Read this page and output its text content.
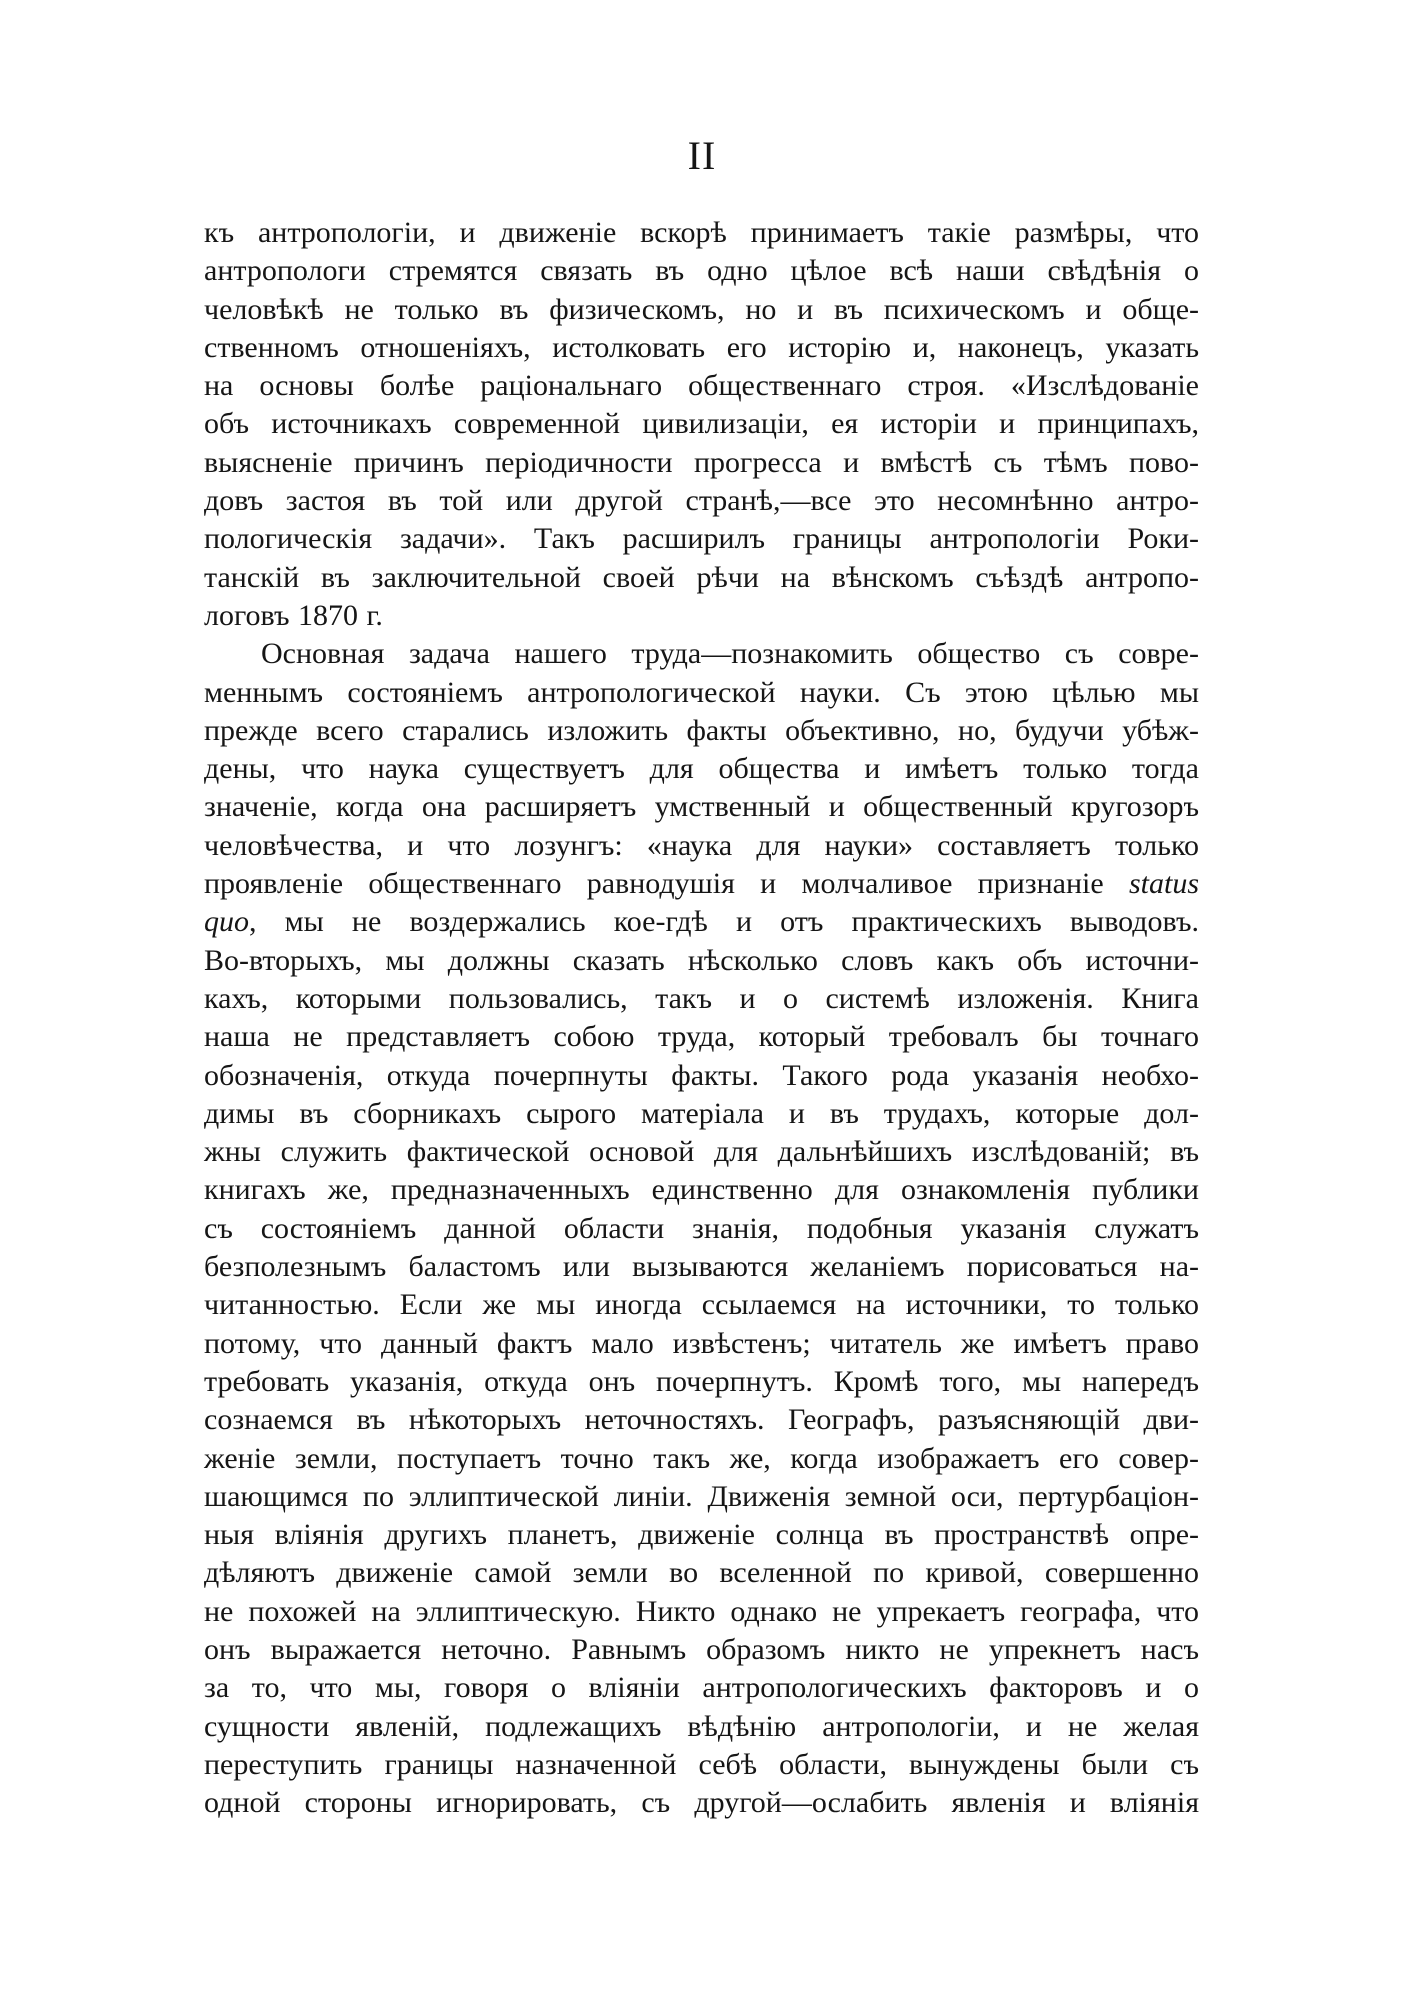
II
къ антропологіи, и движеніе вскорѣ принимаетъ такіе размѣры, что
антропологи стремятся связать въ одно цѣлое всѣ наши свѣдѣнія о
человѣкѣ не только въ физическомъ, но и въ психическомъ и обще-
ственномъ отношеніяхъ, истолковать его исторію и, наконецъ, указать
на основы болѣе раціональнаго общественнаго строя. «Изслѣдованіе
объ источникахъ современной цивилизаціи, ея исторіи и принципахъ,
выясненіе причинъ періодичности прогресса и вмѣстѣ съ тѣмъ пово-
довъ застоя въ той или другой странѣ,—все это несомнѣнно антро-
пологическія задачи». Такъ расширилъ границы антропологіи Роки-
танскій въ заключительной своей рѣчи на вѣнскомъ съѣздѣ антропо-
логовъ 1870 г.
Основная задача нашего труда—познакомить общество съ совре-
меннымъ состояніемъ антропологической науки. Съ этою цѣлью мы
прежде всего старались изложить факты объективно, но, будучи убѣж-
дены, что наука существуетъ для общества и имѣетъ только тогда
значеніе, когда она расширяетъ умственный и общественный кругозоръ
человѣчества, и что лозунгъ: «наука для науки» составляетъ только
проявленіе общественнаго равнодушія и молчаливое признаніе status
quo, мы не воздержались кое-гдѣ и отъ практическихъ выводовъ.
Во-вторыхъ, мы должны сказать нѣсколько словъ какъ объ источни-
кахъ, которыми пользовались, такъ и о системѣ изложенія. Книга
наша не представляетъ собою труда, который требовалъ бы точнаго
обозначенія, откуда почерпнуты факты. Такого рода указанія необхо-
димы въ сборникахъ сырого матеріала и въ трудахъ, которые дол-
жны служить фактической основой для дальнѣйшихъ изслѣдованій; въ
книгахъ же, предназначенныхъ единственно для ознакомленія публики
съ состояніемъ данной области знанія, подобныя указанія служатъ
безполезнымъ баластомъ или вызываются желаніемъ порисоваться на-
читанностью. Если же мы иногда ссылаемся на источники, то только
потому, что данный фактъ мало извѣстенъ; читатель же имѣетъ право
требовать указанія, откуда онъ почерпнутъ. Кромѣ того, мы напередъ
сознаемся въ нѣкоторыхъ неточностяхъ. Географъ, разъясняющій дви-
женіе земли, поступаетъ точно такъ же, когда изображаетъ его совер-
шающимся по эллиптической линіи. Движенія земной оси, пертурбаціон-
ныя вліянія другихъ планетъ, движеніе солнца въ пространствѣ опре-
дѣляютъ движеніе самой земли во вселенной по кривой, совершенно
не похожей на эллиптическую. Никто однако не упрекаетъ географа, что
онъ выражается неточно. Равнымъ образомъ никто не упрекнетъ насъ
за то, что мы, говоря о вліяніи антропологическихъ факторовъ и о
сущности явленій, подлежащихъ вѣдѣнію антропологіи, и не желая
переступить границы назначенной себѣ области, вынуждены были съ
одной стороны игнорировать, съ другой—ослабить явленія и вліянія
